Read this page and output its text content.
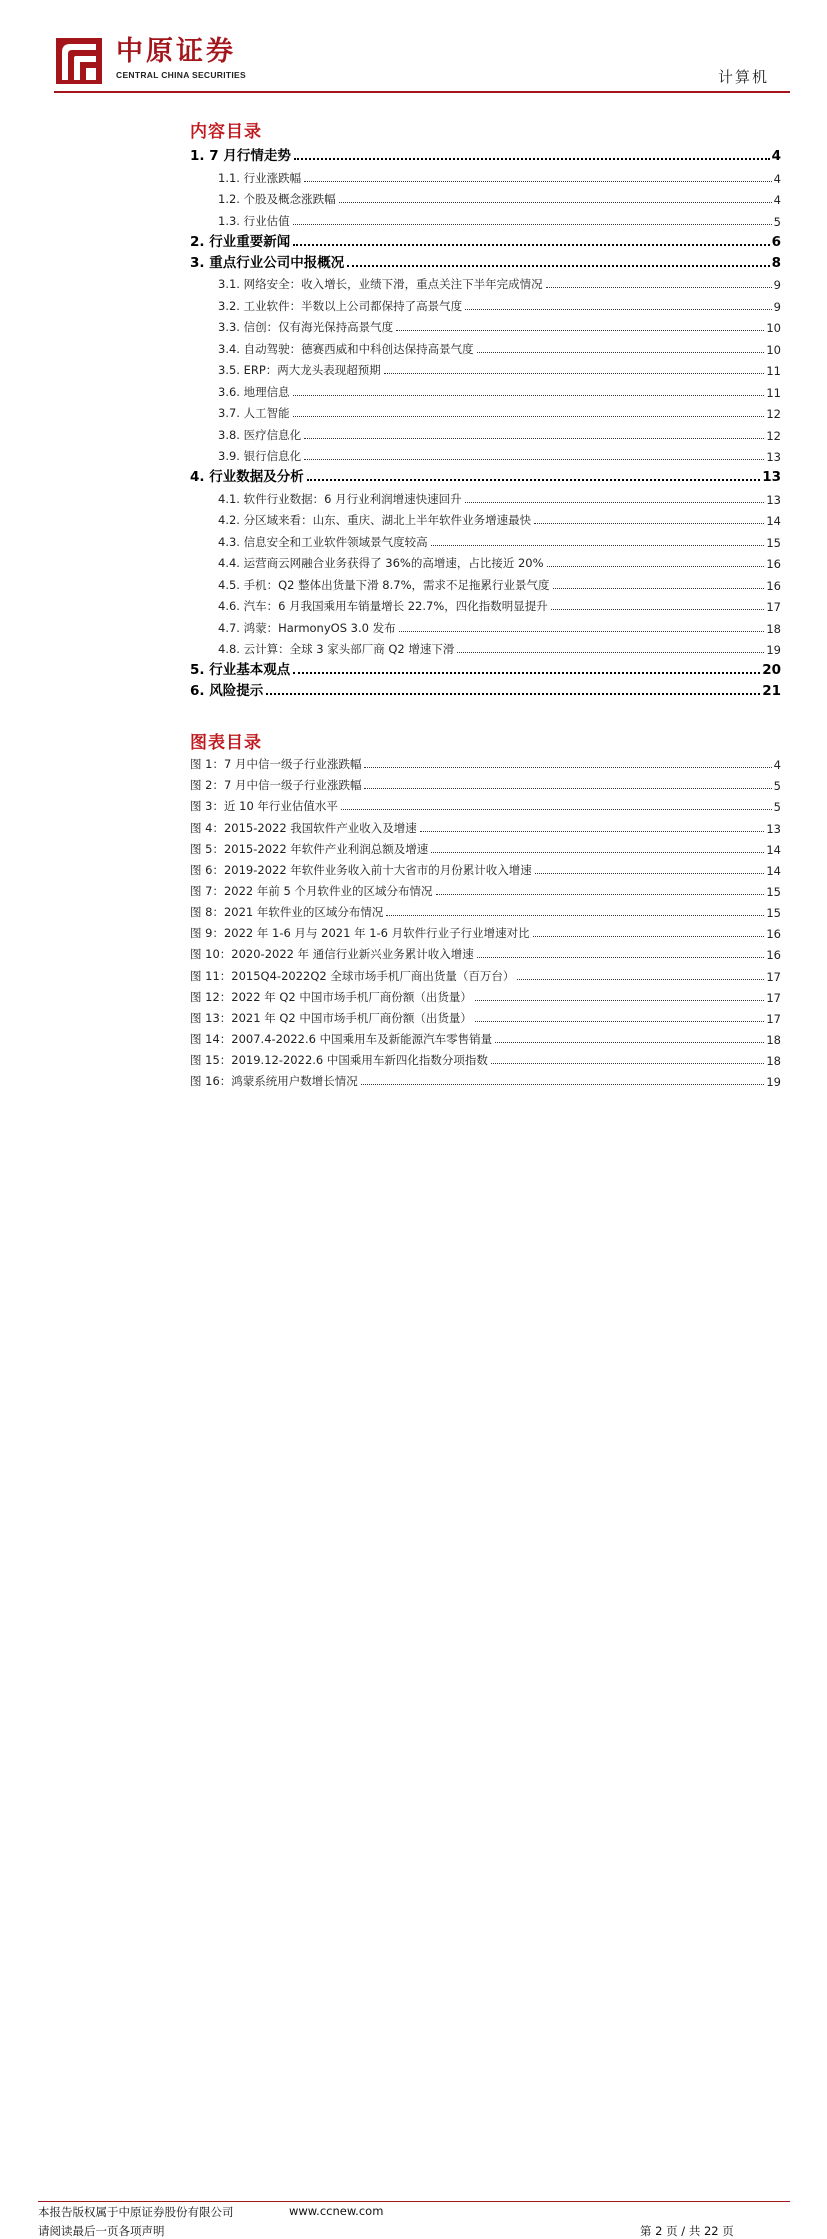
中原证券
CENTRAL CHINA SECURITIES	计算机
内容目录
1. 7 月行情走势	4
1.1. 行业涨跌幅	4
1.2. 个股及概念涨跌幅	4
1.3. 行业估值	5
2. 行业重要新闻	6
3. 重点行业公司中报概况	8
3.1. 网络安全：收入增长，业绩下滑，重点关注下半年完成情况	9
3.2. 工业软件：半数以上公司都保持了高景气度	9
3.3. 信创：仅有海光保持高景气度	10
3.4. 自动驾驶：德赛西威和中科创达保持高景气度	10
3.5. ERP：两大龙头表现超预期	11
3.6. 地理信息	11
3.7. 人工智能	12
3.8. 医疗信息化	12
3.9. 银行信息化	13
4. 行业数据及分析	13
4.1. 软件行业数据：6 月行业利润增速快速回升	13
4.2. 分区域来看：山东、重庆、湖北上半年软件业务增速最快	14
4.3. 信息安全和工业软件领域景气度较高	15
4.4. 运营商云网融合业务获得了 36%的高增速，占比接近 20%	16
4.5. 手机：Q2 整体出货量下滑 8.7%，需求不足拖累行业景气度	16
4.6. 汽车：6 月我国乘用车销量增长 22.7%，四化指数明显提升	17
4.7. 鸿蒙：HarmonyOS 3.0 发布	18
4.8. 云计算：全球 3 家头部厂商 Q2 增速下滑	19
5. 行业基本观点	20
6. 风险提示	21
图表目录
图 1：7 月中信一级子行业涨跌幅	4
图 2：7 月中信一级子行业涨跌幅	5
图 3：近 10 年行业估值水平	5
图 4：2015-2022 我国软件产业收入及增速	13
图 5：2015-2022 年软件产业利润总额及增速	14
图 6：2019-2022 年软件业务收入前十大省市的月份累计收入增速	14
图 7：2022 年前 5 个月软件业的区域分布情况	15
图 8：2021 年软件业的区域分布情况	15
图 9：2022 年 1-6 月与 2021 年 1-6 月软件行业子行业增速对比	16
图 10：2020-2022 年 通信行业新兴业务累计收入增速	16
图 11：2015Q4-2022Q2 全球市场手机厂商出货量（百万台）	17
图 12：2022 年 Q2 中国市场手机厂商份额（出货量）	17
图 13：2021 年 Q2 中国市场手机厂商份额（出货量）	17
图 14：2007.4-2022.6 中国乘用车及新能源汽车零售销量	18
图 15：2019.12-2022.6 中国乘用车新四化指数分项指数	18
图 16：鸿蒙系统用户数增长情况	19
本报告版权属于中原证券股份有限公司	www.ccnew.com
请阅读最后一页各项声明	第 2 页 / 共 22 页
